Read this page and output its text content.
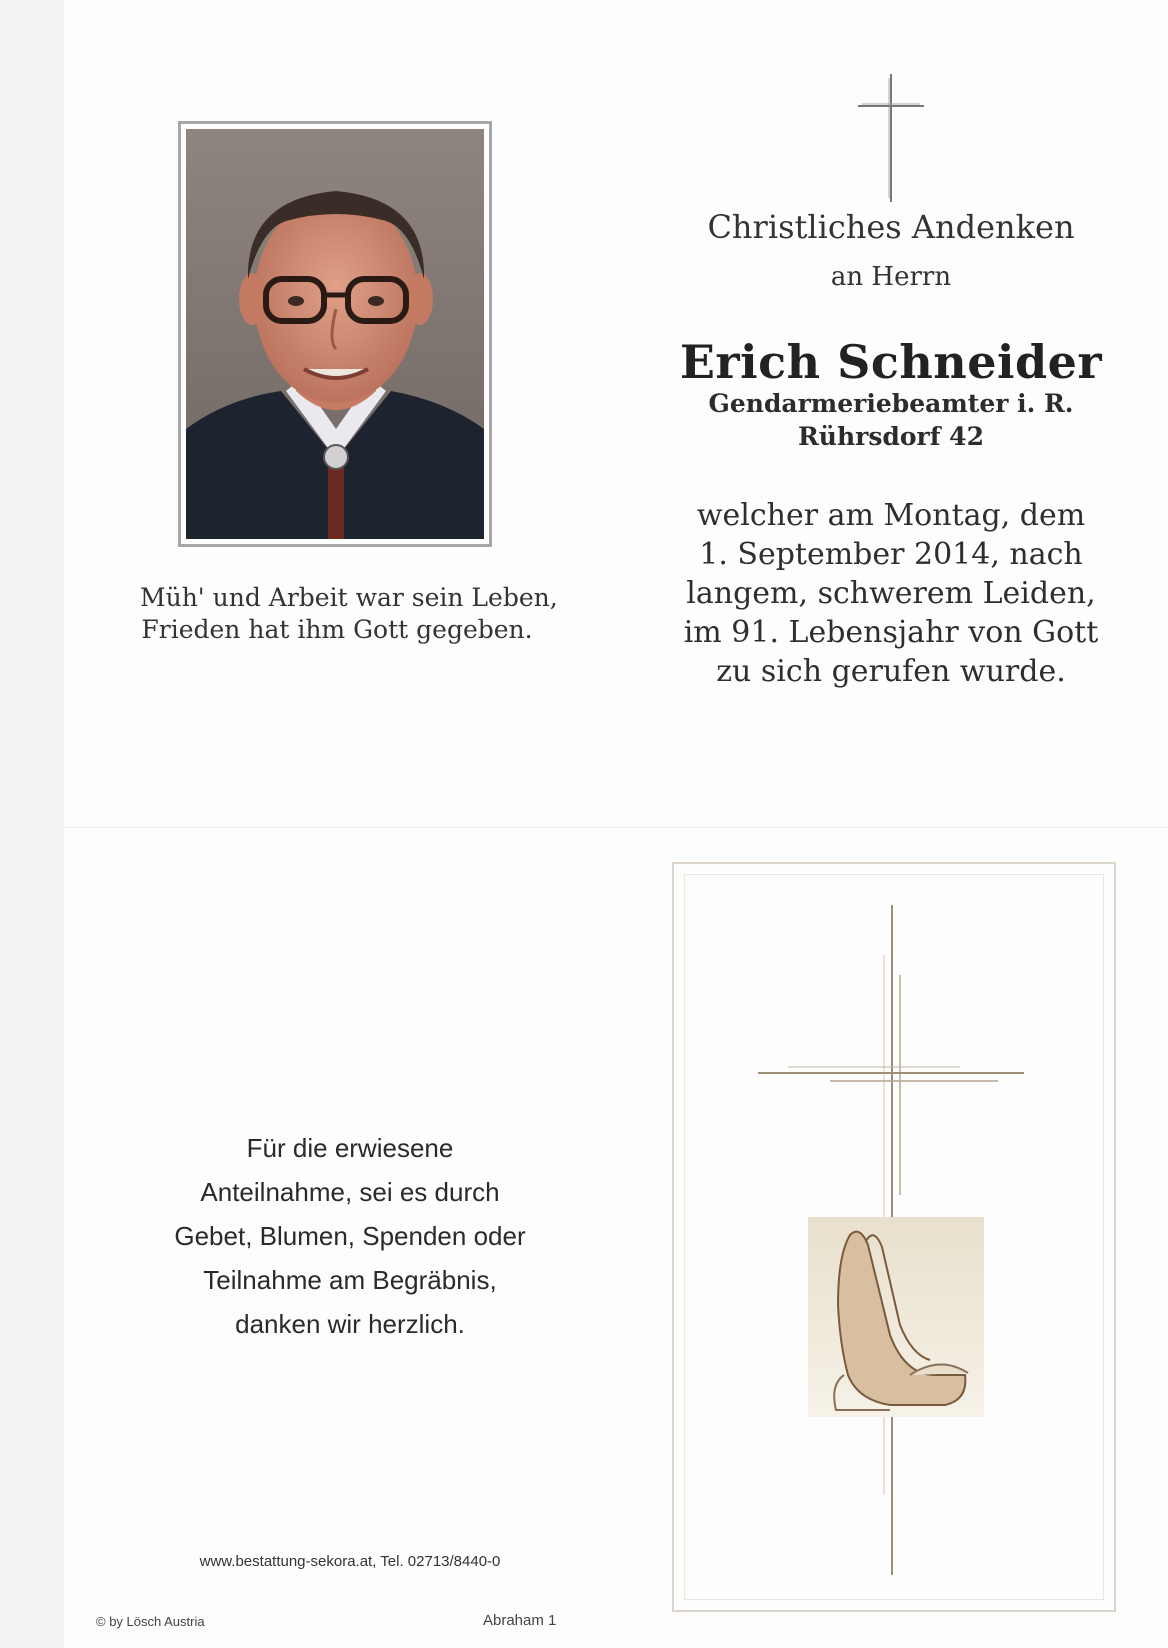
Müh' und Arbeit war sein Leben,
Frieden hat ihm Gott gegeben.
Christliches Andenken
an Herrn
Erich Schneider
Gendarmeriebeamter i. R.
Rührsdorf 42
welcher am Montag, dem
1. September 2014, nach
langem, schwerem Leiden,
im 91. Lebensjahr von Gott
zu sich gerufen wurde.
Für die erwiesene
Anteilnahme, sei es durch
Gebet, Blumen, Spenden oder
Teilnahme am Begräbnis,
danken wir herzlich.
www.bestattung-sekora.at, Tel. 02713/8440-0
© by Lösch Austria	Abraham 1
